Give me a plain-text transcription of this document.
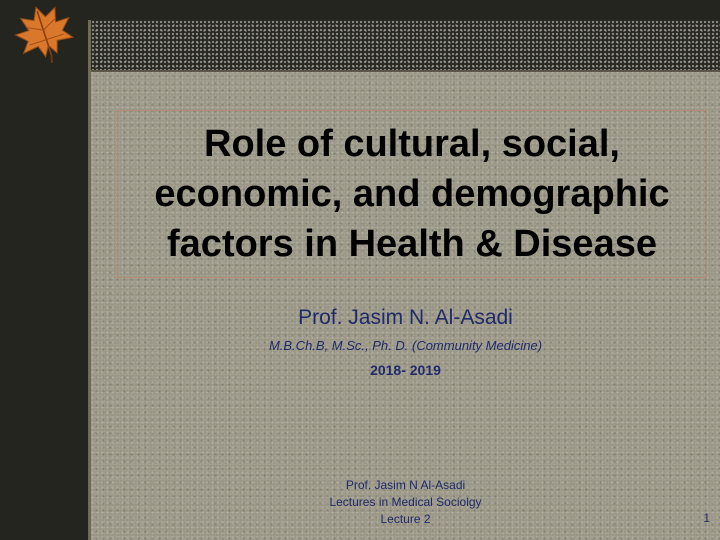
Role of cultural, social,
economic, and demographic
factors in Health & Disease
Prof. Jasim N. Al-Asadi
M.B.Ch.B, M.Sc., Ph. D. (Community Medicine)
2018- 2019
Prof. Jasim N Al-Asadi
Lectures in Medical Sociolgy
Lecture 2	1
